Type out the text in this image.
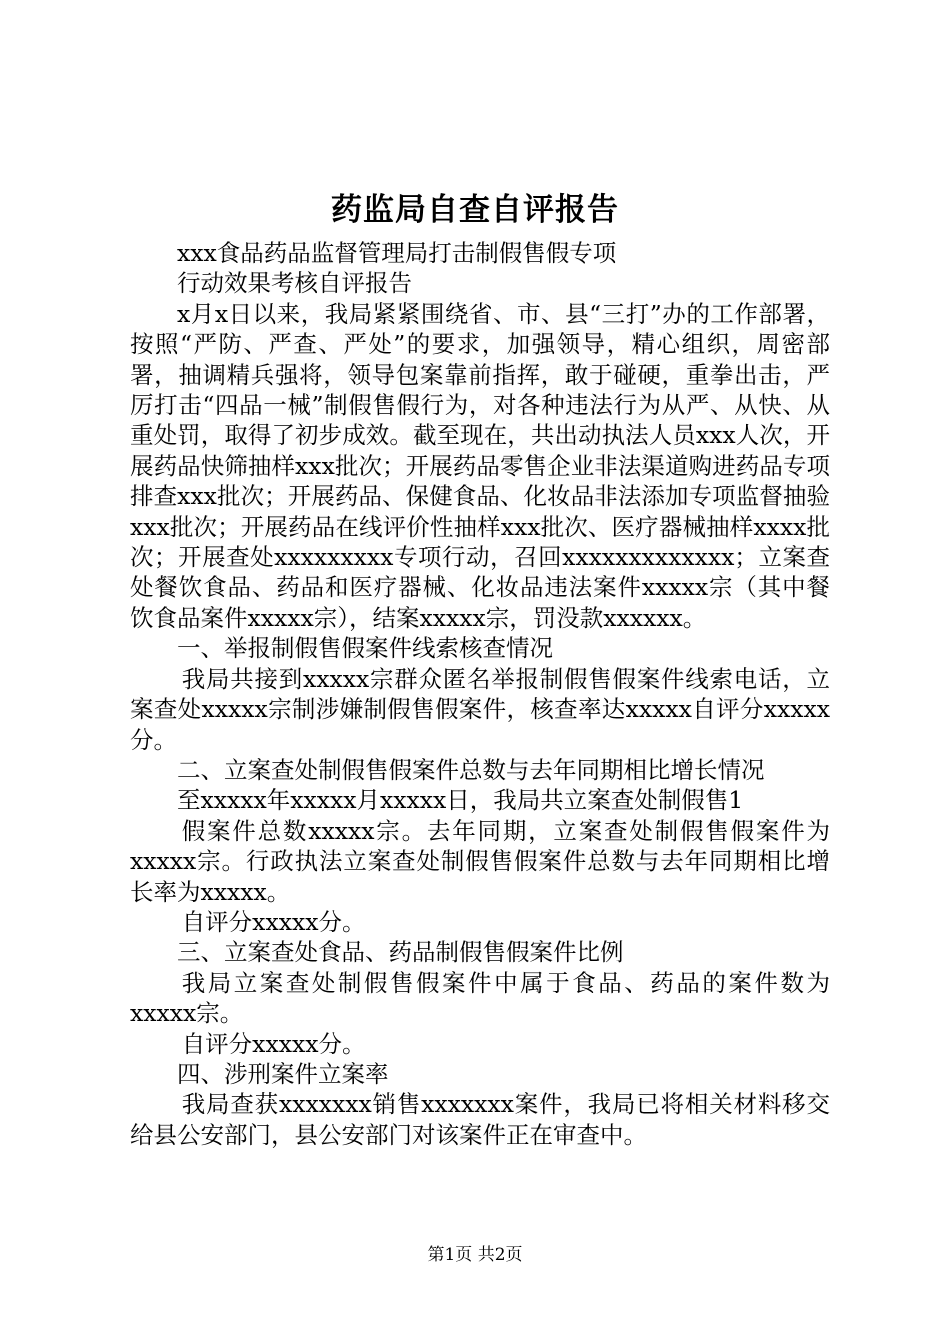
药监局自查自评报告

xxx食品药品监督管理局打击制假售假专项

行动效果考核自评报告

x月x日以来，我局紧紧围绕省、市、县“三打”办的工作部署，按照“严防、严查、严处”的要求，加强领导，精心组织，周密部署，抽调精兵强将，领导包案靠前指挥，敢于碰硬，重拳出击，严厉打击“四品一械”制假售假行为，对各种违法行为从严、从快、从重处罚，取得了初步成效。截至现在，共出动执法人员xxx人次，开展药品快筛抽样xxx批次；开展药品零售企业非法渠道购进药品专项排查xxx批次；开展药品、保健食品、化妆品非法添加专项监督抽验xxx批次；开展药品在线评价性抽样xxx批次、医疗器械抽样xxxx批次；开展查处xxxxxxxxx专项行动，召回xxxxxxxxxxxxx；立案查处餐饮食品、药品和医疗器械、化妆品违法案件xxxxx宗（其中餐饮食品案件xxxxx宗），结案xxxxx宗，罚没款xxxxxx。

一、举报制假售假案件线索核查情况

我局共接到xxxxx宗群众匿名举报制假售假案件线索电话，立案查处xxxxx宗制涉嫌制假售假案件，核查率达xxxxx自评分xxxxx分。

二、立案查处制假售假案件总数与去年同期相比增长情况

至xxxxx年xxxxx月xxxxx日，我局共立案查处制假售1

假案件总数xxxxx宗。去年同期，立案查处制假售假案件为xxxxx宗。行政执法立案查处制假售假案件总数与去年同期相比增长率为xxxxx。

自评分xxxxx分。

三、立案查处食品、药品制假售假案件比例

我局立案查处制假售假案件中属于食品、药品的案件数为xxxxx宗。

自评分xxxxx分。

四、涉刑案件立案率

我局查获xxxxxxx销售xxxxxxx案件，我局已将相关材料移交给县公安部门，县公安部门对该案件正在审查中。

第1页 共2页
